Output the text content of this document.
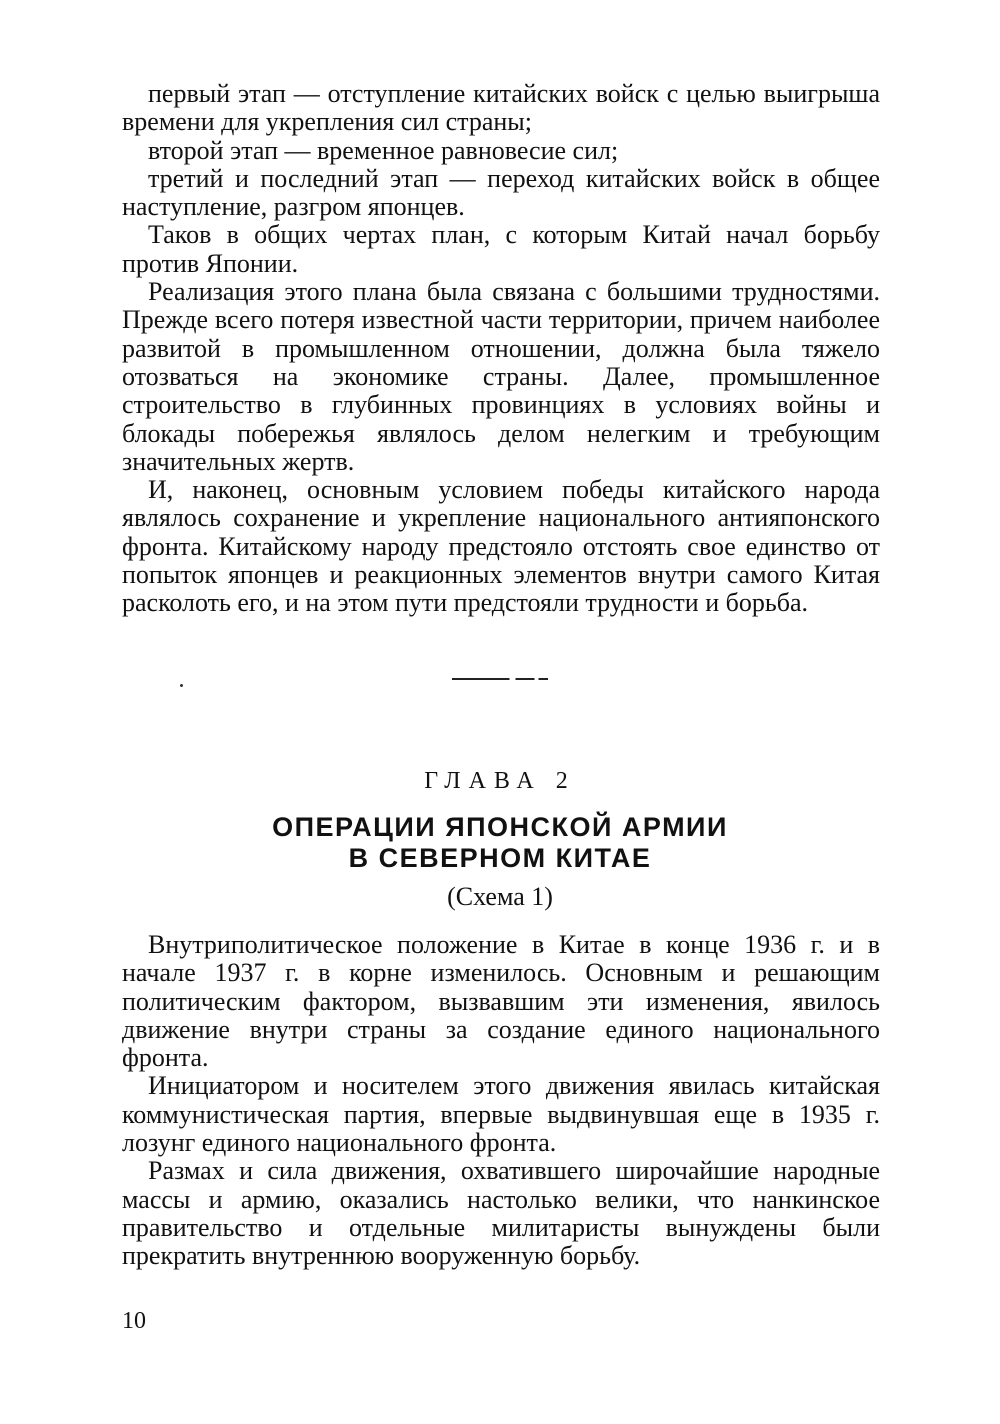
первый этап — отступление китайских войск с целью выигрыша времени для укрепления сил страны;

второй этап — временное равновесие сил;

третий и последний этап — переход китайских войск в общее наступление, разгром японцев.

Таков в общих чертах план, с которым Китай начал борьбу против Японии.

Реализация этого плана была связана с большими трудностями. Прежде всего потеря известной части территории, причем наиболее развитой в промышленном отношении, должна была тяжело отозваться на экономике страны. Далее, промышленное строительство в глубинных провинциях в условиях войны и блокады побережья являлось делом нелегким и требующим значительных жертв.

И, наконец, основным условием победы китайского народа являлось сохранение и укрепление национального антияпонского фронта. Китайскому народу предстояло отстоять свое единство от попыток японцев и реакционных элементов внутри самого Китая расколоть его, и на этом пути предстояли трудности и борьба.

ГЛАВА 2
ОПЕРАЦИИ ЯПОНСКОЙ АРМИИ
В СЕВЕРНОМ КИТАЕ
(Схема 1)

Внутриполитическое положение в Китае в конце 1936 г. и в начале 1937 г. в корне изменилось. Основным и решающим политическим фактором, вызвавшим эти изменения, явилось движение внутри страны за создание единого национального фронта.

Инициатором и носителем этого движения явилась китайская коммунистическая партия, впервые выдвинувшая еще в 1935 г. лозунг единого национального фронта.

Размах и сила движения, охватившего широчайшие народные массы и армию, оказались настолько велики, что нанкинское правительство и отдельные милитаристы вынуждены были прекратить внутреннюю вооруженную борьбу.

10
